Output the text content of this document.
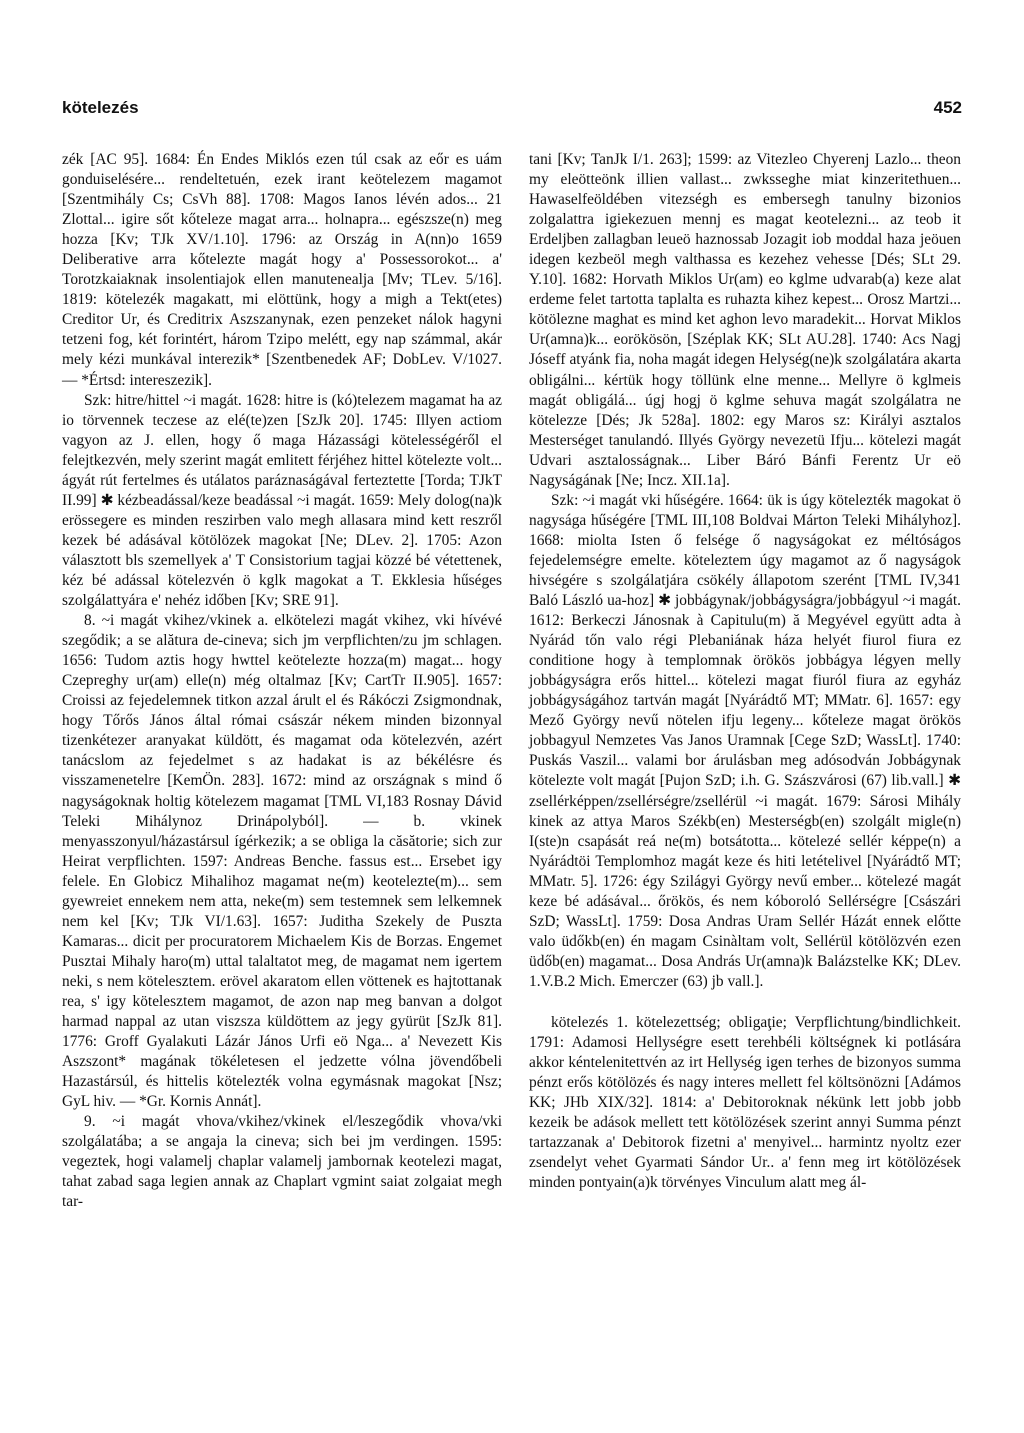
kötelezés	452

zék [AC 95]. 1684: Én Endes Miklós ezen túl csak az eőr es uám gonduiselésére... rendeltetuén, ezek irant keötelezem magamot [Szentmihály Cs; CsVh 88]. 1708: Magos Ianos lévén ados... 21 Zlottal... igire sőt kőteleze magat arra... holnapra... egészsze(n) meg hozza [Kv; TJk XV/1.10]. 1796: az Ország in A(nn)o 1659 Deliberative arra kőtelezte magát hogy a' Possessorokot... a' Torotzkaiaknak insolentiajok ellen manutenealja [Mv; TLev. 5/16]. 1819: kötelezék magakatt, mi elöttünk, hogy a migh a Tekt(etes) Creditor Ur, és Creditrix Aszszanynak, ezen penzeket nálok hagyni tetzeni fog, két forintért, három Tzipo melétt, egy nap számmal, akár mely kézi munkával interezik* [Szentbenedek AF; DobLev. V/1027. — *Értsd: intereszezik].

Szk: hitre/hittel ~i magát. 1628: hitre is (kó)telezem magamat ha az io törvennek teczese az elé(te)zen [SzJk 20]. 1745: Illyen actiom vagyon az J. ellen, hogy ő maga Házassági kötelességéről el felejtkezvén, mely szerint magát emlitett férjéhez hittel kötelezte volt... ágyát rút fertelmes és utálatos paráznaságával ferteztette [Torda; TJkT II.99] ✱ kézbeadással/keze beadással ~i magát. 1659: Mely dolog(na)k erössegere es minden reszirben valo megh allasara mind kett reszről kezek bé adásával kötölözek magokat [Ne; DLev. 2]. 1705: Azon választott bls szemellyek a' T Consistorium tagjai közzé bé vétettenek, kéz bé adással kötelezvén ö kglk magokat a T. Ekklesia hűséges szolgálattyára e' nehéz időben [Kv; SRE 91].

8. ~i magát vkihez/vkinek a. elkötelezi magát vkihez, vki hívévé szegődik; a se alătura de-cineva; sich jm verpflichten/zu jm schlagen. 1656: Tudom aztis hogy hwttel keötelezte hozza(m) magat... hogy Czepreghy ur(am) elle(n) még oltalmaz [Kv; CartTr II.905]. 1657: Croissi az fejedelemnek titkon azzal árult el és Rákóczi Zsigmondnak, hogy Tőrős János által római császár nékem minden bizonnyal tizenkétezer aranyakat küldött, és magamat oda kötelezvén, azért tanácslom az fejedelmet s az hadakat is az békélésre és visszamenetelre [KemÖn. 283]. 1672: mind az országnak s mind ő nagyságoknak holtig kötelezem magamat [TML VI,183 Rosnay Dávid Teleki Mihálynoz Drinápolyból]. — b. vkinek menyasszonyul/házastársul ígérkezik; a se obliga la căsătorie; sich zur Heirat verpflichten. 1597: Andreas Benche. fassus est... Ersebet igy felele. En Globicz Mihalihoz magamat ne(m) keotelezte(m)... sem gyewreiet ennekem nem atta, neke(m) sem testemnek sem lelkemnek nem kel [Kv; TJk VI/1.63]. 1657: Juditha Szekely de Puszta Kamaras... dicit per procuratorem Michaelem Kis de Borzas. Engemet Pusztai Mihaly haro(m) uttal talaltatot meg, de magamat nem igertem neki, s nem kötelesztem. erövel akaratom ellen vöttenek es hajtottanak rea, s' igy kötelesztem magamot, de azon nap meg banvan a dolgot harmad nappal az utan viszsza küldöttem az jegy gyürüt [SzJk 81]. 1776: Groff Gyalakuti Lázár János Urfi eö Nga... a' Nevezett Kis Aszszont* magának tökéletesen el jedzette vólna jövendőbeli Hazastársúl, és hittelis kötelezték volna egymásnak magokat [Nsz; GyL hiv. — *Gr. Kornis Annát].

9. ~i magát vhova/vkihez/vkinek el/leszegődik vhova/vki szolgálatába; a se angaja la cineva; sich bei jm verdingen. 1595: vegeztek, hogi valamelj chaplar valamelj jambornak keotelezi magat, tahat zabad saga legien annak az Chaplart vgmint saiat zolgaiat megh tar-

tani [Kv; TanJk I/1. 263]; 1599: az Vitezleo Chyerenj Lazlo... theon my eleötteönk illien vallast... zwksseghe miat kinzeritethuen... Hawaselfeöldében vitezségh es embersegh tanulny bizonios zolgalattra igiekezuen mennj es magat keotelezni... az teob it Erdeljben zallagban leueö haznossab Jozagit iob moddal haza jeöuen idegen kezbeöl megh valthassa es kezehez vehesse [Dés; SLt 29. Y.10]. 1682: Horvath Miklos Ur(am) eo kglme udvarab(a) keze alat erdeme felet tartotta taplalta es ruhazta kihez kepest... Orosz Martzi... kötölezne maghat es mind ket aghon levo maradekit... Horvat Miklos Ur(amna)k... eorökösön, [Széplak KK; SLt AU.28]. 1740: Acs Nagj Jóseff atyánk fia, noha magát idegen Helység(ne)k szolgálatára akarta obligálni... kértük hogy töllünk elne menne... Mellyre ö kglmeis magát obligálá... úgj hogj ö kglme sehuva magát szolgálatra ne kötelezze [Dés; Jk 528a]. 1802: egy Maros sz: Királyi asztalos Mesterséget tanulandó. Illyés György nevezetü Ifju... kötelezi magát Udvari asztalosságnak... Liber Báró Bánfi Ferentz Ur eö Nagyságának [Ne; Incz. XII.1a].

Szk: ~i magát vki hűségére. 1664: ük is úgy kötelezték magokat ö nagysága hűségére [TML III,108 Boldvai Márton Teleki Mihályhoz]. 1668: miolta Isten ő felsége ő nagyságokat ez méltóságos fejedelemségre emelte. köteleztem úgy magamot az ő nagyságok hivségére s szolgálatjára csökély állapotom szerént [TML IV,341 Baló László ua-hoz] ✱ jobbágynak/jobbágyságra/jobbágyul ~i magát. 1612: Berkeczi Jánosnak à Capitulu(m) ă Megyével együtt adta à Nyárád tőn valo régi Plebaniának háza helyét fiurol fiura ez conditione hogy à templomnak örökös jobbágya légyen melly jobbágyságra erős hittel... kötelezi magat fiuról fiura az egyház jobbágyságához tartván magát [Nyárádtő MT; MMatr. 6]. 1657: egy Mező György nevű nötelen ifju legeny... kőteleze magat örökös jobbagyul Nemzetes Vas Janos Uramnak [Cege SzD; WassLt]. 1740: Puskás Vaszil... valami bor árulásban meg adósodván Jobbágynak kötelezte volt magát [Pujon SzD; i.h. G. Szászvárosi (67) lib.vall.] ✱ zsellérképpen/zsellérségre/zsellérül ~i magát. 1679: Sárosi Mihály kinek az attya Maros Székb(en) Mesterségb(en) szolgált migle(n) I(ste)n csapását reá ne(m) botsátotta... kötelezé sellér képpe(n) a Nyárádtöi Templomhoz magát keze és hiti letételivel [Nyárádtő MT; MMatr. 5]. 1726: égy Szilágyi György nevű ember... kötelezé magát keze bé adásával... őrökös, és nem kóboroló Sellérségre [Császári SzD; WassLt]. 1759: Dosa Andras Uram Sellér Házát ennek előtte valo üdőkb(en) én magam Csinàltam volt, Sellérül kötölözvén ezen üdőb(en) magamat... Dosa András Ur(amna)k Balázstelke KK; DLev. 1.V.B.2 Mich. Emerczer (63) jb vall.].

kötelezés 1. kötelezettség; obligaţie; Verpflichtung/bindlichkeit. 1791: Adamosi Hellységre esett terehbéli költségnek ki potlására akkor kéntelenitettvén az irt Hellység igen terhes de bizonyos summa pénzt erős kötölözés és nagy interes mellett fel költsönözni [Adámos KK; JHb XIX/32]. 1814: a' Debitoroknak nékünk lett jobb jobb kezeik be adások mellett tett kötölözések szerint annyi Summa pénzt tartazzanak a' Debitorok fizetni a' menyivel... harmintz nyoltz ezer zsendelyt vehet Gyarmati Sándor Ur.. a' fenn meg irt kötölözések minden pontyain(a)k törvényes Vinculum alatt meg ál-
